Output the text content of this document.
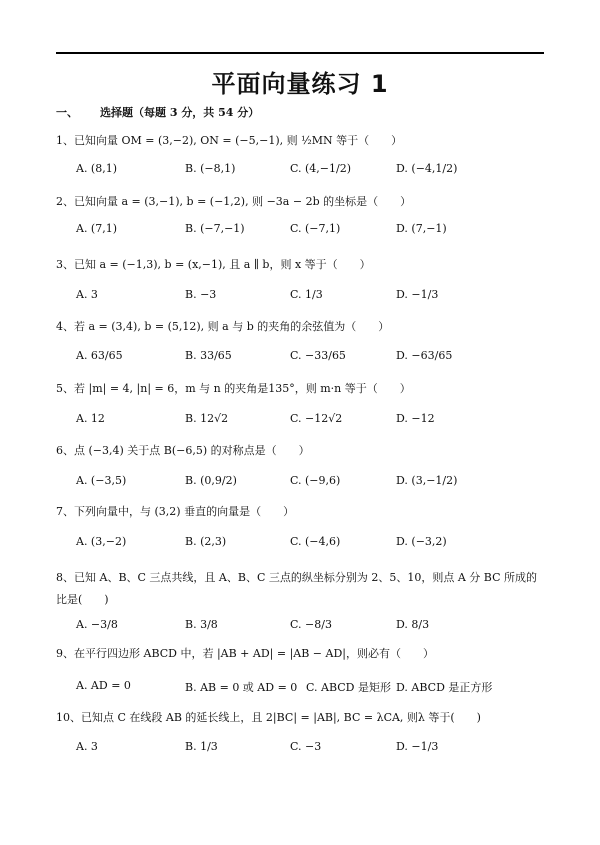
平面向量练习 1
一、 选择题（每题 3 分，共 54 分）
1、已知向量 OM = (3,−2), ON = (−5,−1), 则 ½MN 等于（　　）
A. (8,1)	B. (−8,1)	C. (4,−1/2)	D. (−4,1/2)
2、已知向量 a = (3,−1), b = (−1,2), 则 −3a − 2b 的坐标是（　　）
A. (7,1)	B. (−7,−1)	C. (−7,1)	D. (7,−1)
3、已知 a = (−1,3), b = (x,−1), 且 a ∥ b，则 x 等于（　　）
A. 3	B. −3	C. 1/3	D. −1/3
4、若 a = (3,4), b = (5,12), 则 a 与 b 的夹角的余弦值为（　　）
A. 63/65	B. 33/65	C. −33/65	D. −63/65
5、若 |m| = 4, |n| = 6，m 与 n 的夹角是135°，则 m·n 等于（　　）
A. 12	B. 12√2	C. −12√2	D. −12
6、点 (−3,4) 关于点 B(−6,5) 的对称点是（　　）
A. (−3,5)	B. (0,9/2)	C. (−9,6)	D. (3,−1/2)
7、下列向量中，与 (3,2) 垂直的向量是（　　）
A. (3,−2)	B. (2,3)	C. (−4,6)	D. (−3,2)
8、已知 A、B、C 三点共线，且 A、B、C 三点的纵坐标分别为 2、5、10，则点 A 分 BC 所成的
比是(　　)
A. −3/8	B. 3/8	C. −8/3	D. 8/3
9、在平行四边形 ABCD 中，若 |AB + AD| = |AB − AD|，则必有（　　）
A. AD = 0	B. AB = 0 或 AD = 0 C. ABCD 是矩形 D. ABCD 是正方形
10、已知点 C 在线段 AB 的延长线上，且 2|BC| = |AB|, BC = λCA, 则λ 等于(　　)
A. 3	B. 1/3	C. −3	D. −1/3
